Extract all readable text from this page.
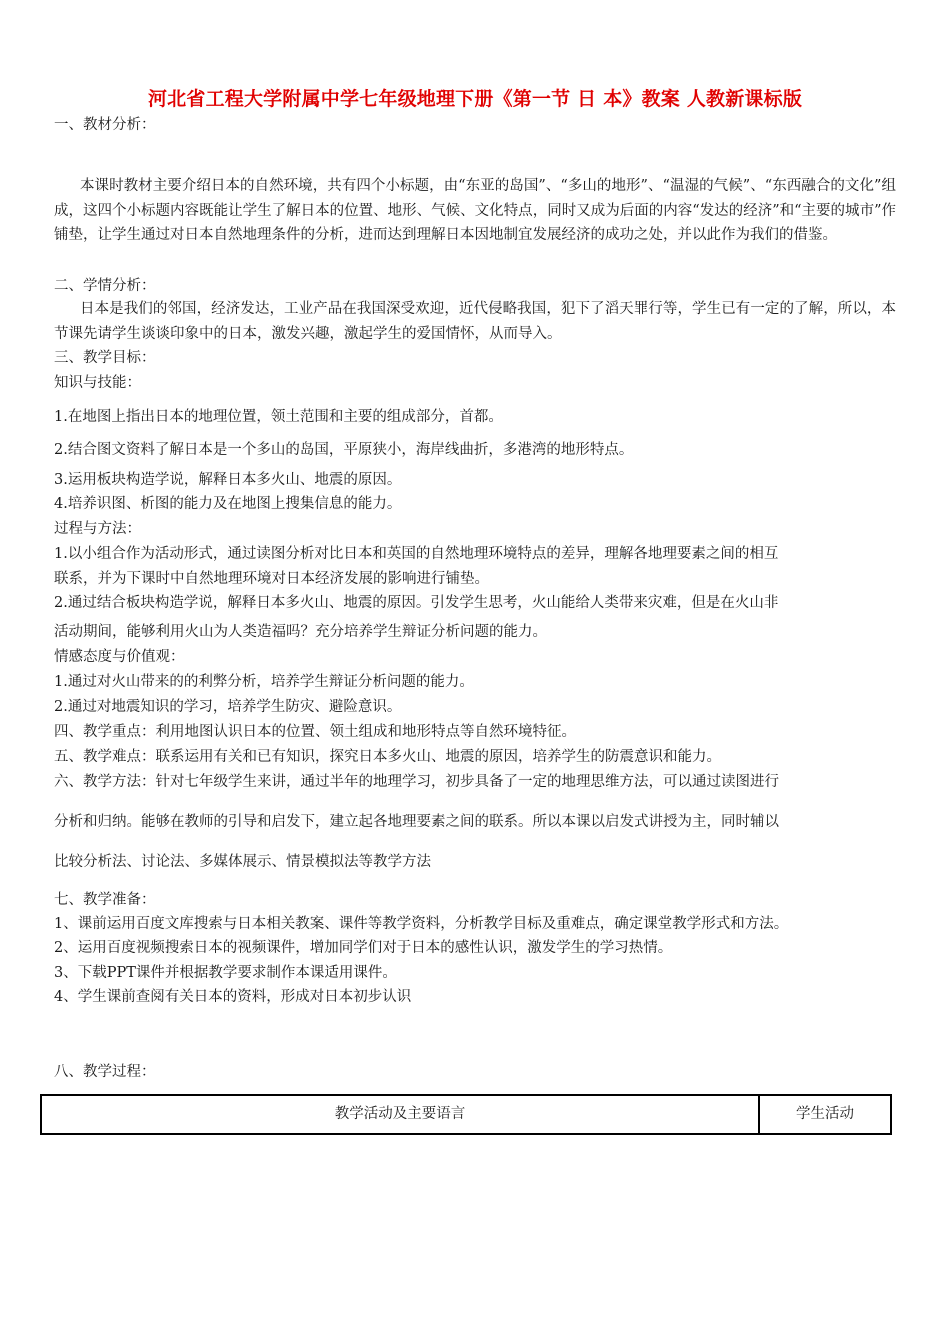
河北省工程大学附属中学七年级地理下册《第一节 日 本》教案 人教新课标版
一、教材分析：
本课时教材主要介绍日本的自然环境，共有四个小标题，由“东亚的岛国”、“多山的地形”、“温湿的气候”、“东西融合的文化”组成，这四个小标题内容既能让学生了解日本的位置、地形、气候、文化特点，同时又成为后面的内容“发达的经济”和“主要的城市”作铺垫，让学生通过对日本自然地理条件的分析，进而达到理解日本因地制宜发展经济的成功之处，并以此作为我们的借鉴。
二、学情分析：
日本是我们的邻国，经济发达，工业产品在我国深受欢迎，近代侵略我国，犯下了滔天罪行等，学生已有一定的了解，所以，本节课先请学生谈谈印象中的日本，激发兴趣，激起学生的爱国情怀，从而导入。
三、教学目标：
知识与技能：
1.在地图上指出日本的地理位置，领土范围和主要的组成部分，首都。
2.结合图文资料了解日本是一个多山的岛国，平原狭小，海岸线曲折，多港湾的地形特点。
3.运用板块构造学说，解释日本多火山、地震的原因。
4.培养识图、析图的能力及在地图上搜集信息的能力。
过程与方法：
1.以小组合作为活动形式，通过读图分析对比日本和英国的自然地理环境特点的差异，理解各地理要素之间的相互
联系，并为下课时中自然地理环境对日本经济发展的影响进行铺垫。
2.通过结合板块构造学说，解释日本多火山、地震的原因。引发学生思考，火山能给人类带来灾难，但是在火山非
活动期间，能够利用火山为人类造福吗？充分培养学生辩证分析问题的能力。
情感态度与价值观：
1.通过对火山带来的的利弊分析，培养学生辩证分析问题的能力。
2.通过对地震知识的学习，培养学生防灾、避险意识。
四、教学重点：利用地图认识日本的位置、领土组成和地形特点等自然环境特征。
五、教学难点：联系运用有关和已有知识，探究日本多火山、地震的原因，培养学生的防震意识和能力。
六、教学方法：针对七年级学生来讲，通过半年的地理学习，初步具备了一定的地理思维方法，可以通过读图进行
分析和归纳。能够在教师的引导和启发下，建立起各地理要素之间的联系。所以本课以启发式讲授为主，同时辅以
比较分析法、讨论法、多媒体展示、情景模拟法等教学方法
七、教学准备：
1、课前运用百度文库搜索与日本相关教案、课件等教学资料，分析教学目标及重难点，确定课堂教学形式和方法。
2、运用百度视频搜索日本的视频课件，增加同学们对于日本的感性认识，激发学生的学习热情。
3、下载PPT课件并根据教学要求制作本课适用课件。
4、学生课前查阅有关日本的资料，形成对日本初步认识
八、教学过程：
教学活动及主要语言	学生活动
